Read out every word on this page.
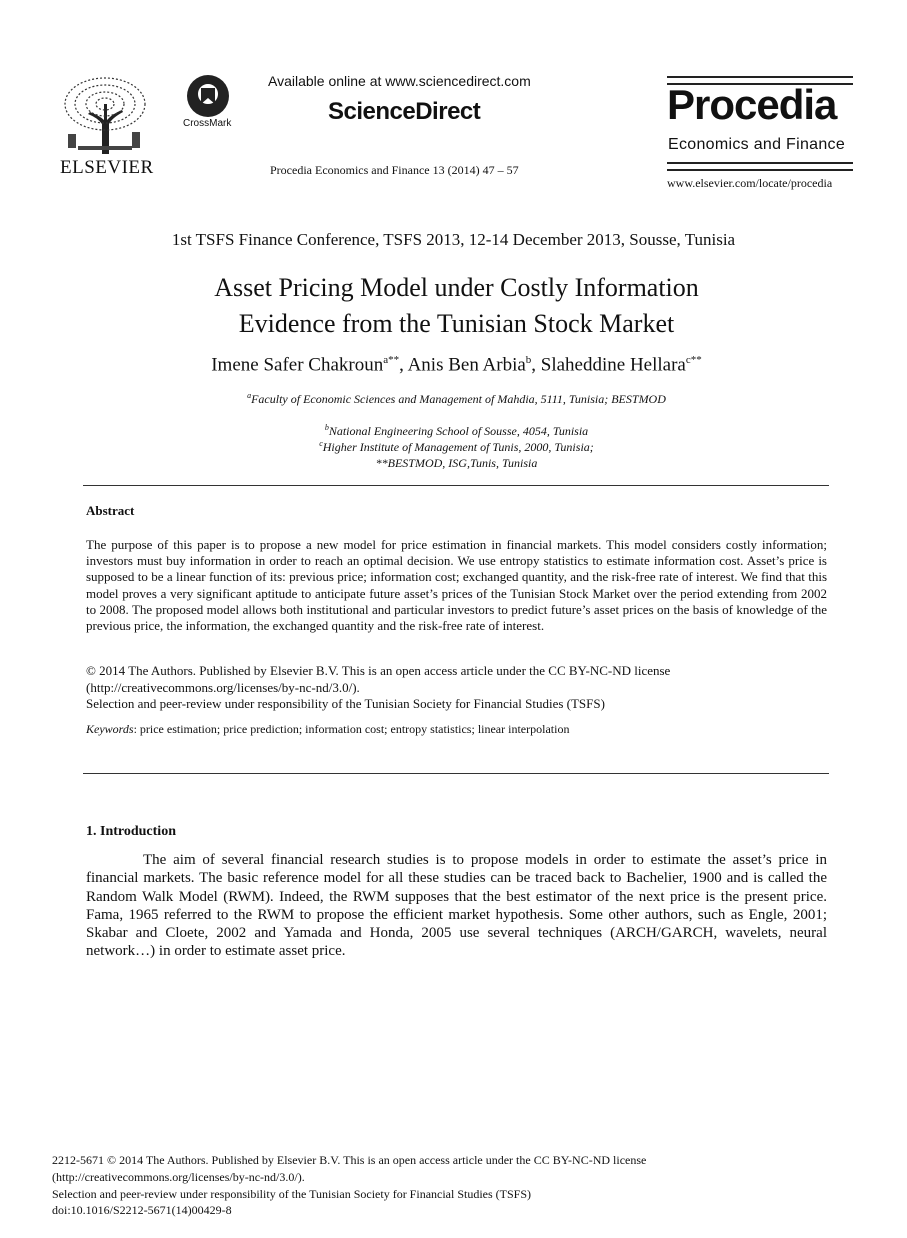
ELSEVIER
CrossMark
Available online at www.sciencedirect.com
ScienceDirect
Procedia Economics and Finance 13 (2014) 47 – 57
Procedia
Economics and Finance
www.elsevier.com/locate/procedia
1st TSFS Finance Conference, TSFS 2013, 12-14 December 2013, Sousse, Tunisia
Asset Pricing Model under Costly Information
Evidence from the Tunisian Stock Market
Imene Safer Chakroun$^{a**}$, Anis Ben Arbia$^b$, Slaheddine Hellara$^{c**}$
$^a$Faculty of Economic Sciences and Management of Mahdia, 5111, Tunisia; BESTMOD
$^b$National Engineering School of Sousse, 4054, Tunisia
$^c$Higher Institute of Management of Tunis, 2000, Tunisia;
**BESTMOD, ISG,Tunis, Tunisia
Abstract
The purpose of this paper is to propose a new model for price estimation in financial markets. This model considers costly information; investors must buy information in order to reach an optimal decision. We use entropy statistics to estimate information cost. Asset’s price is supposed to be a linear function of its: previous price; information cost; exchanged quantity, and the risk-free rate of interest. We find that this model proves a very significant aptitude to anticipate future asset’s prices of the Tunisian Stock Market over the period extending from 2002 to 2008. The proposed model allows both institutional and particular investors to predict future’s asset prices on the basis of knowledge of the previous price, the information, the exchanged quantity and the risk-free rate of interest.
© 2014 The Authors. Published by Elsevier B.V. This is an open access article under the CC BY-NC-ND license
(http://creativecommons.org/licenses/by-nc-nd/3.0/).
Selection and peer-review under responsibility of the Tunisian Society for Financial Studies (TSFS)
Keywords: price estimation; price prediction; information cost; entropy statistics; linear interpolation
1. Introduction
The aim of several financial research studies is to propose models in order to estimate the asset’s price in financial markets. The basic reference model for all these studies can be traced back to Bachelier, 1900 and is called the Random Walk Model (RWM). Indeed, the RWM supposes that the best estimator of the next price is the present price. Fama, 1965 referred to the RWM to propose the efficient market hypothesis. Some other authors, such as Engle, 2001; Skabar and Cloete, 2002 and Yamada and Honda, 2005 use several techniques (ARCH/GARCH, wavelets, neural network…) in order to estimate asset price.
2212-5671 © 2014 The Authors. Published by Elsevier B.V. This is an open access article under the CC BY-NC-ND license
(http://creativecommons.org/licenses/by-nc-nd/3.0/).
Selection and peer-review under responsibility of the Tunisian Society for Financial Studies (TSFS)
doi:10.1016/S2212-5671(14)00429-8
